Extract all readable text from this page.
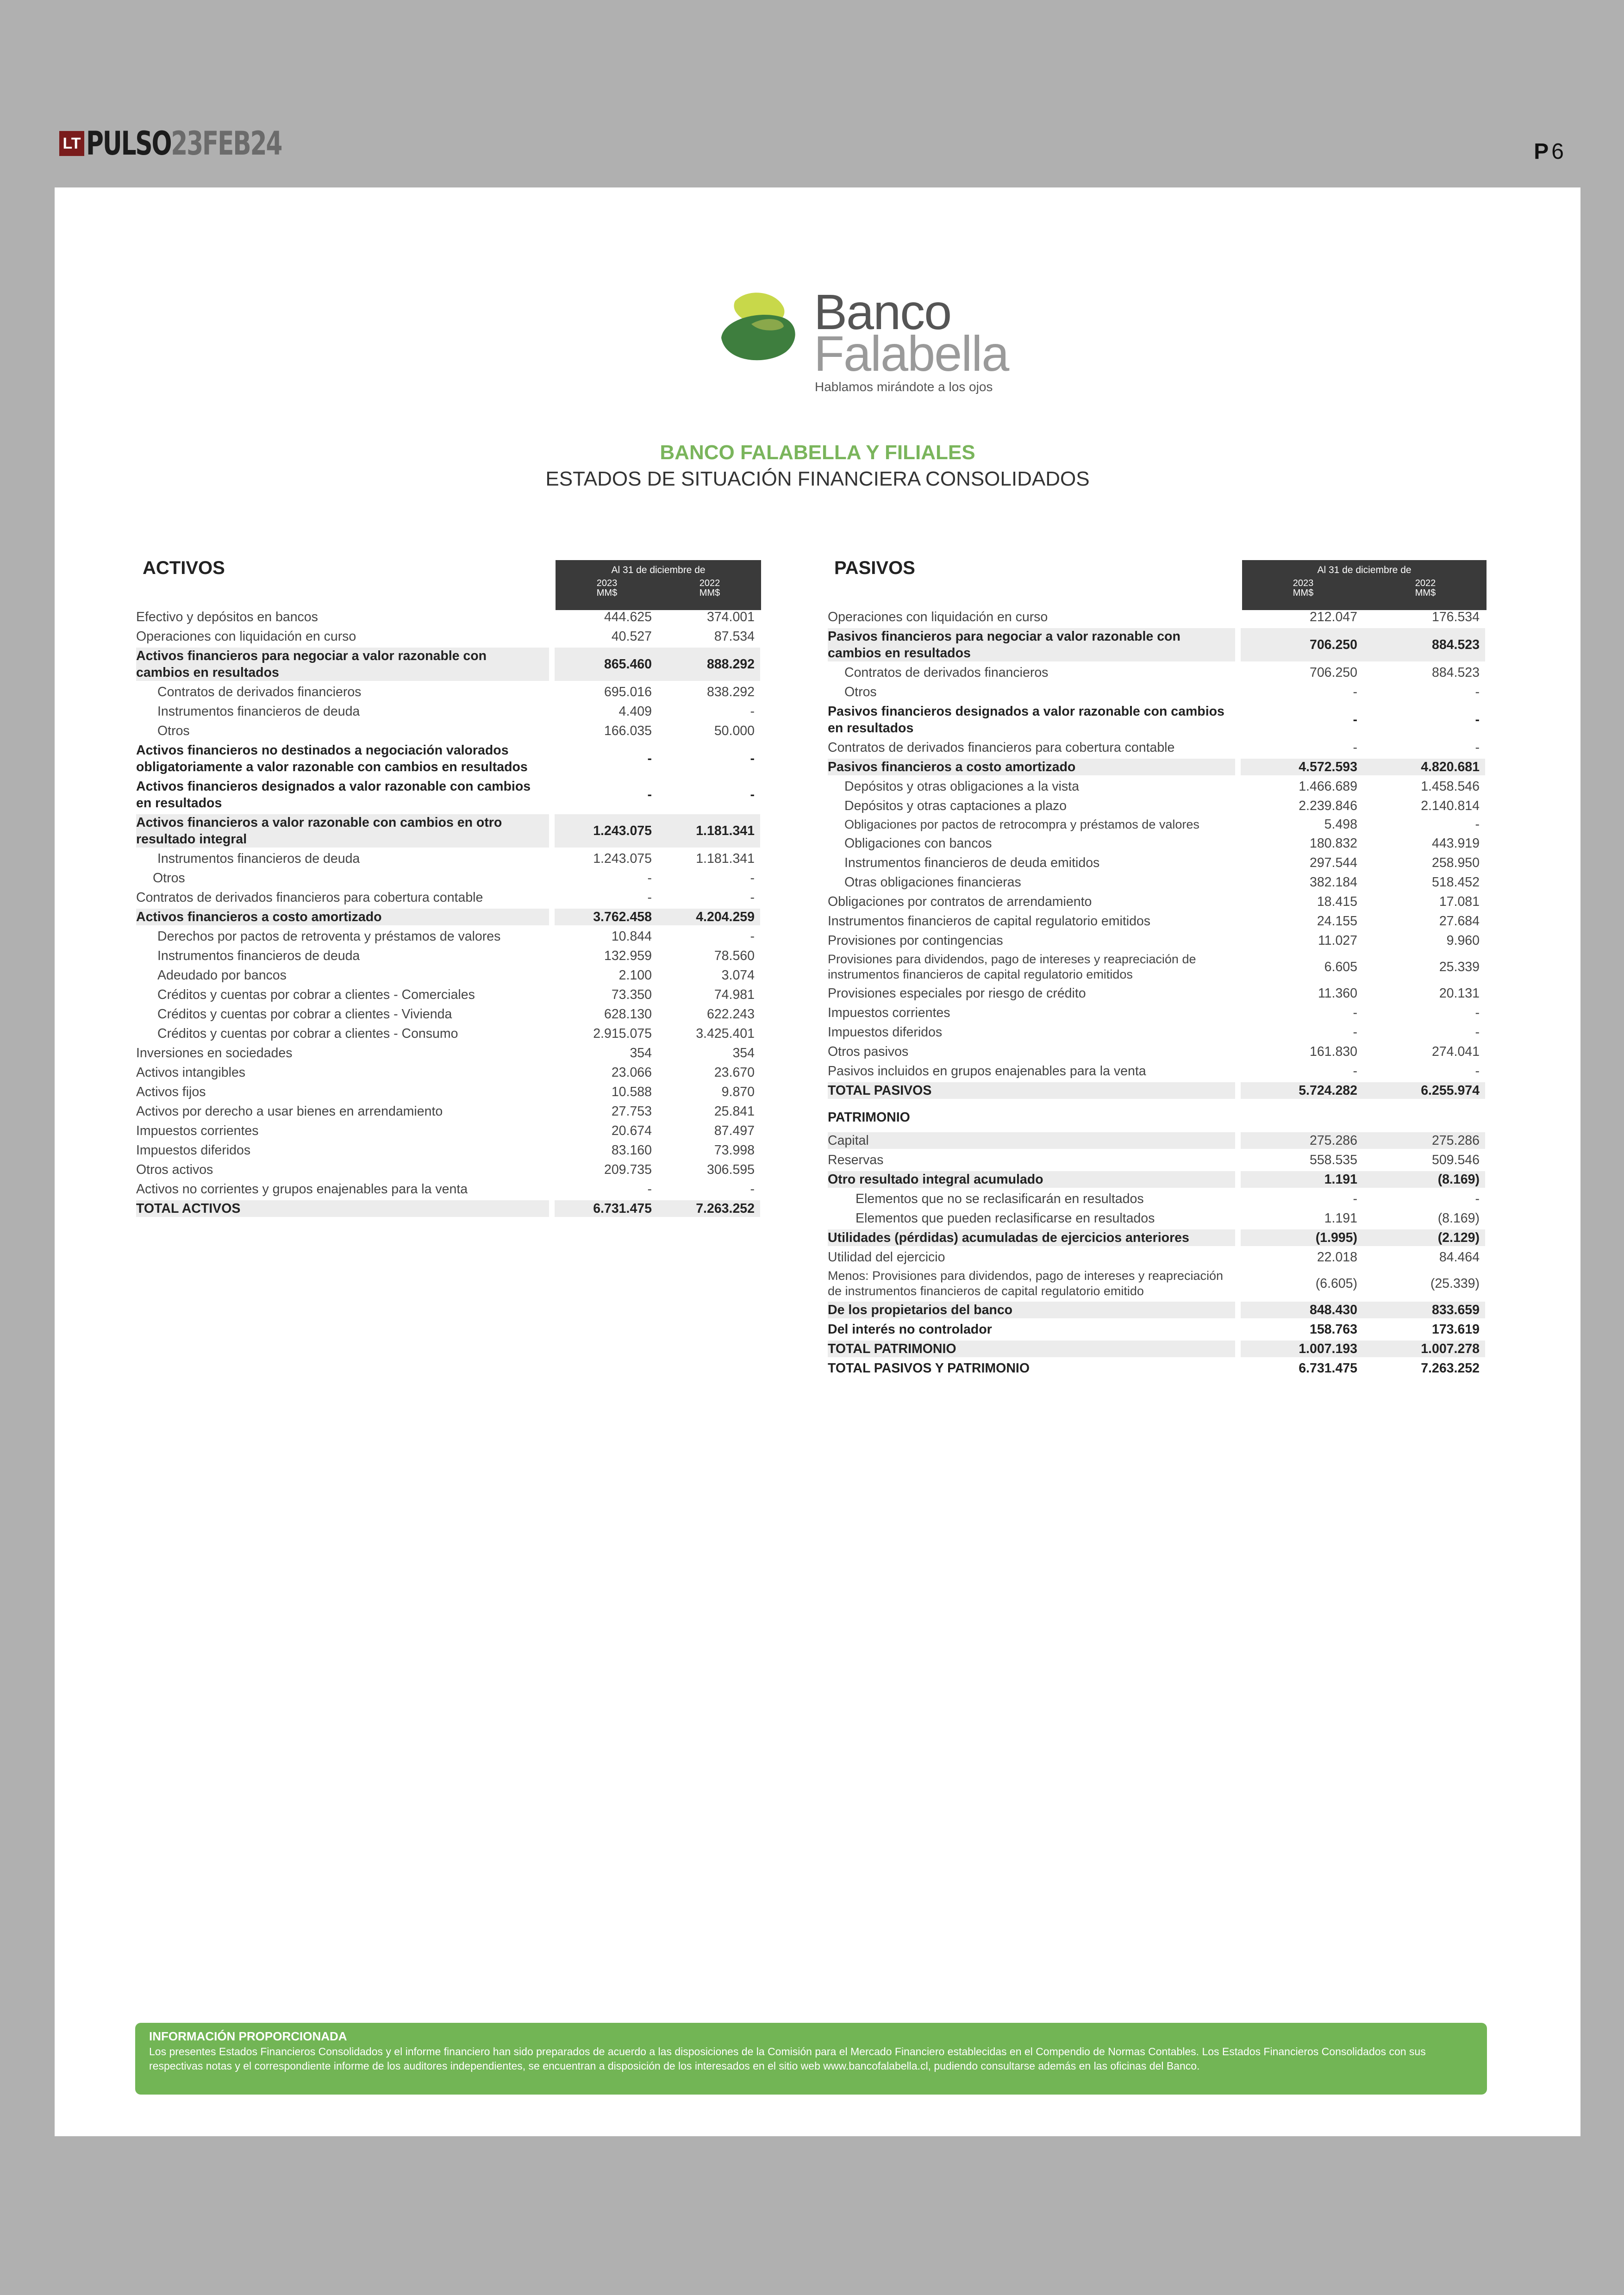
LT PULSO23FEB24	P 6
Banco
Falabella
Hablamos mirándote a los ojos
BANCO FALABELLA Y FILIALES
ESTADOS DE SITUACIÓN FINANCIERA CONSOLIDADOS
ACTIVOS	Al 31 de diciembre de
2023
MM$
2022
MM$
Efectivo y depósitos en bancos	444.625	374.001
Operaciones con liquidación en curso	40.527	87.534
Activos financieros para negociar a valor razonable con cambios en resultados
865.460	888.292
Contratos de derivados financieros	695.016	838.292
Instrumentos financieros de deuda	4.409	-
Otros	166.035	50.000
Activos financieros no destinados a negociación valorados obligatoriamente a valor razonable con cambios en resultados
-	-
Activos financieros designados a valor razonable con cambios en resultados
-	-
Activos financieros a valor razonable con cambios en otro resultado integral
1.243.075	1.181.341
Instrumentos financieros de deuda	1.243.075	1.181.341
Otros	-	-
Contratos de derivados financieros para cobertura contable	-	-
Activos financieros a costo amortizado	3.762.458	4.204.259
Derechos por pactos de retroventa y préstamos de valores	10.844	-
Instrumentos financieros de deuda	132.959	78.560
Adeudado por bancos	2.100	3.074
Créditos y cuentas por cobrar a clientes - Comerciales	73.350	74.981
Créditos y cuentas por cobrar a clientes - Vivienda	628.130	622.243
Créditos y cuentas por cobrar a clientes - Consumo	2.915.075	3.425.401
Inversiones en sociedades	354	354
Activos intangibles	23.066	23.670
Activos fijos	10.588	9.870
Activos por derecho a usar bienes en arrendamiento	27.753	25.841
Impuestos corrientes	20.674	87.497
Impuestos diferidos	83.160	73.998
Otros activos	209.735	306.595
Activos no corrientes y grupos enajenables para la venta	-	-
TOTAL ACTIVOS	6.731.475	7.263.252
PASIVOS	Al 31 de diciembre de
2023
MM$
2022
MM$
Operaciones con liquidación en curso	212.047	176.534
Pasivos financieros para negociar a valor razonable con cambios en resultados
706.250	884.523
Contratos de derivados financieros	706.250	884.523
Otros	-	-
Pasivos financieros designados a valor razonable con cambios en resultados
-	-
Contratos de derivados financieros para cobertura contable	-	-
Pasivos financieros a costo amortizado	4.572.593	4.820.681
Depósitos y otras obligaciones a la vista	1.466.689	1.458.546
Depósitos y otras captaciones a plazo	2.239.846	2.140.814
Obligaciones por pactos de retrocompra y préstamos de valores	5.498	-
Obligaciones con bancos	180.832	443.919
Instrumentos financieros de deuda emitidos	297.544	258.950
Otras obligaciones financieras	382.184	518.452
Obligaciones por contratos de arrendamiento	18.415	17.081
Instrumentos financieros de capital regulatorio emitidos	24.155	27.684
Provisiones por contingencias	11.027	9.960
Provisiones para dividendos, pago de intereses y reapreciación de instrumentos financieros de capital regulatorio emitidos
6.605	25.339
Provisiones especiales por riesgo de crédito	11.360	20.131
Impuestos corrientes	-	-
Impuestos diferidos	-	-
Otros pasivos	161.830	274.041
Pasivos incluidos en grupos enajenables para la venta	-	-
TOTAL PASIVOS	5.724.282	6.255.974
PATRIMONIO
Capital	275.286	275.286
Reservas	558.535	509.546
Otro resultado integral acumulado	1.191	(8.169)
Elementos que no se reclasificarán en resultados	-	-
Elementos que pueden reclasificarse en resultados	1.191	(8.169)
Utilidades (pérdidas) acumuladas de ejercicios anteriores	(1.995)	(2.129)
Utilidad del ejercicio	22.018	84.464
Menos: Provisiones para dividendos, pago de intereses y reapreciación de instrumentos financieros de capital regulatorio emitido
(6.605)	(25.339)
De los propietarios del banco	848.430	833.659
Del interés no controlador	158.763	173.619
TOTAL PATRIMONIO	1.007.193	1.007.278
TOTAL PASIVOS Y PATRIMONIO	6.731.475	7.263.252
INFORMACIÓN PROPORCIONADA
Los presentes Estados Financieros Consolidados y el informe financiero han sido preparados de acuerdo a las disposiciones de la Comisión para el Mercado Financiero establecidas en el Compendio de Normas Contables. Los Estados Financieros Consolidados con sus respectivas notas y el correspondiente informe de los auditores independientes, se encuentran a disposición de los interesados en el sitio web www.bancofalabella.cl, pudiendo consultarse además en las oficinas del Banco.
